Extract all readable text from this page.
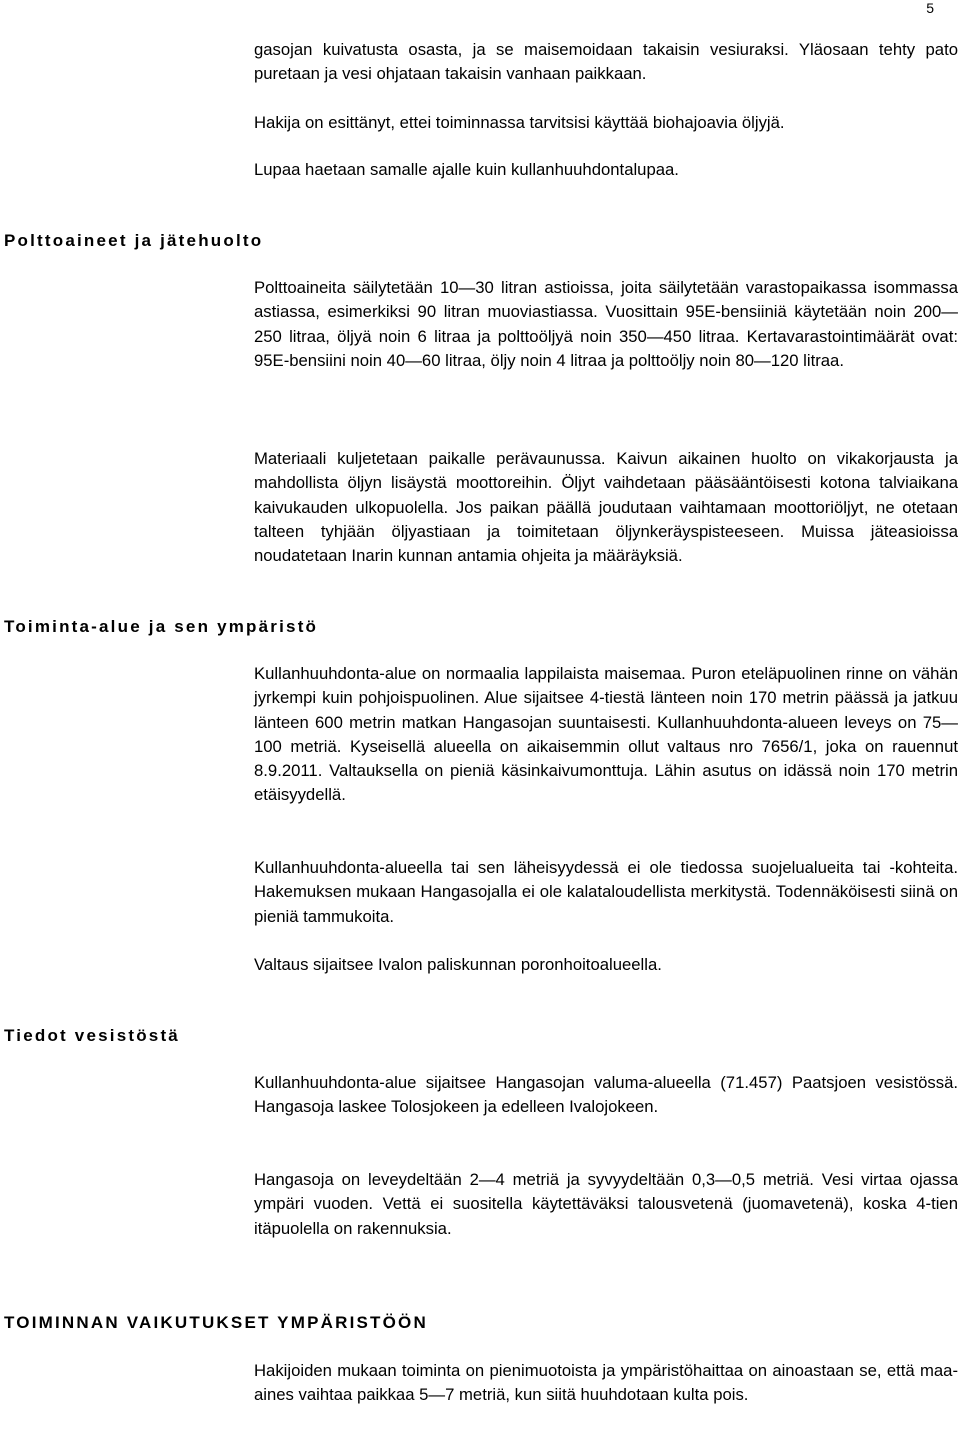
5

gasojan kuivatusta osasta, ja se maisemoidaan takaisin vesiuraksi. Yläosaan tehty pato puretaan ja vesi ohjataan takaisin vanhaan paikkaan.

Hakija on esittänyt, ettei toiminnassa tarvitsisi käyttää biohajoavia öljyjä.

Lupaa haetaan samalle ajalle kuin kullanhuuhdontalupaa.

Polttoaineet ja jätehuolto

Polttoaineita säilytetään 10—30 litran astioissa, joita säilytetään varastopaikassa isommassa astiassa, esimerkiksi 90 litran muoviastiassa. Vuosittain 95E-bensiiniä käytetään noin 200—250 litraa, öljyä noin 6 litraa ja polttoöljyä noin 350—450 litraa. Kertavarastointimäärät ovat: 95E-bensiini noin 40—60 litraa, öljy noin 4 litraa ja polttoöljy noin 80—120 litraa.

Materiaali kuljetetaan paikalle perävaunussa. Kaivun aikainen huolto on vikakorjausta ja mahdollista öljyn lisäystä moottoreihin. Öljyt vaihdetaan pääsääntöisesti kotona talviaikana kaivukauden ulkopuolella. Jos paikan päällä joudutaan vaihtamaan moottoriöljyt, ne otetaan talteen tyhjään öljyastiaan ja toimitetaan öljynkeräyspisteeseen. Muissa jäteasioissa noudatetaan Inarin kunnan antamia ohjeita ja määräyksiä.

Toiminta-alue ja sen ympäristö

Kullanhuuhdonta-alue on normaalia lappilaista maisemaa. Puron eteläpuolinen rinne on vähän jyrkempi kuin pohjoispuolinen. Alue sijaitsee 4-tiestä länteen noin 170 metrin päässä ja jatkuu länteen 600 metrin matkan Hangasojan suuntaisesti. Kullanhuuhdonta-alueen leveys on 75—100 metriä. Kyseisellä alueella on aikaisemmin ollut valtaus nro 7656/1, joka on rauennut 8.9.2011. Valtauksella on pieniä käsinkaivumonttuja. Lähin asutus on idässä noin 170 metrin etäisyydellä.

Kullanhuuhdonta-alueella tai sen läheisyydessä ei ole tiedossa suojelualueita tai -kohteita. Hakemuksen mukaan Hangasojalla ei ole kalataloudellista merkitystä. Todennäköisesti siinä on pieniä tammukoita.

Valtaus sijaitsee Ivalon paliskunnan poronhoitoalueella.

Tiedot vesistöstä

Kullanhuuhdonta-alue sijaitsee Hangasojan valuma-alueella (71.457) Paatsjoen vesistössä. Hangasoja laskee Tolosjokeen ja edelleen Ivalojokeen.

Hangasoja on leveydeltään 2—4 metriä ja syvyydeltään 0,3—0,5 metriä. Vesi virtaa ojassa ympäri vuoden. Vettä ei suositella käytettäväksi talousvetenä (juomavetenä), koska 4-tien itäpuolella on rakennuksia.

TOIMINNAN VAIKUTUKSET YMPÄRISTÖÖN

Hakijoiden mukaan toiminta on pienimuotoista ja ympäristöhaittaa on ainoastaan se, että maa-aines vaihtaa paikkaa 5—7 metriä, kun siitä huuhdotaan kulta pois.
